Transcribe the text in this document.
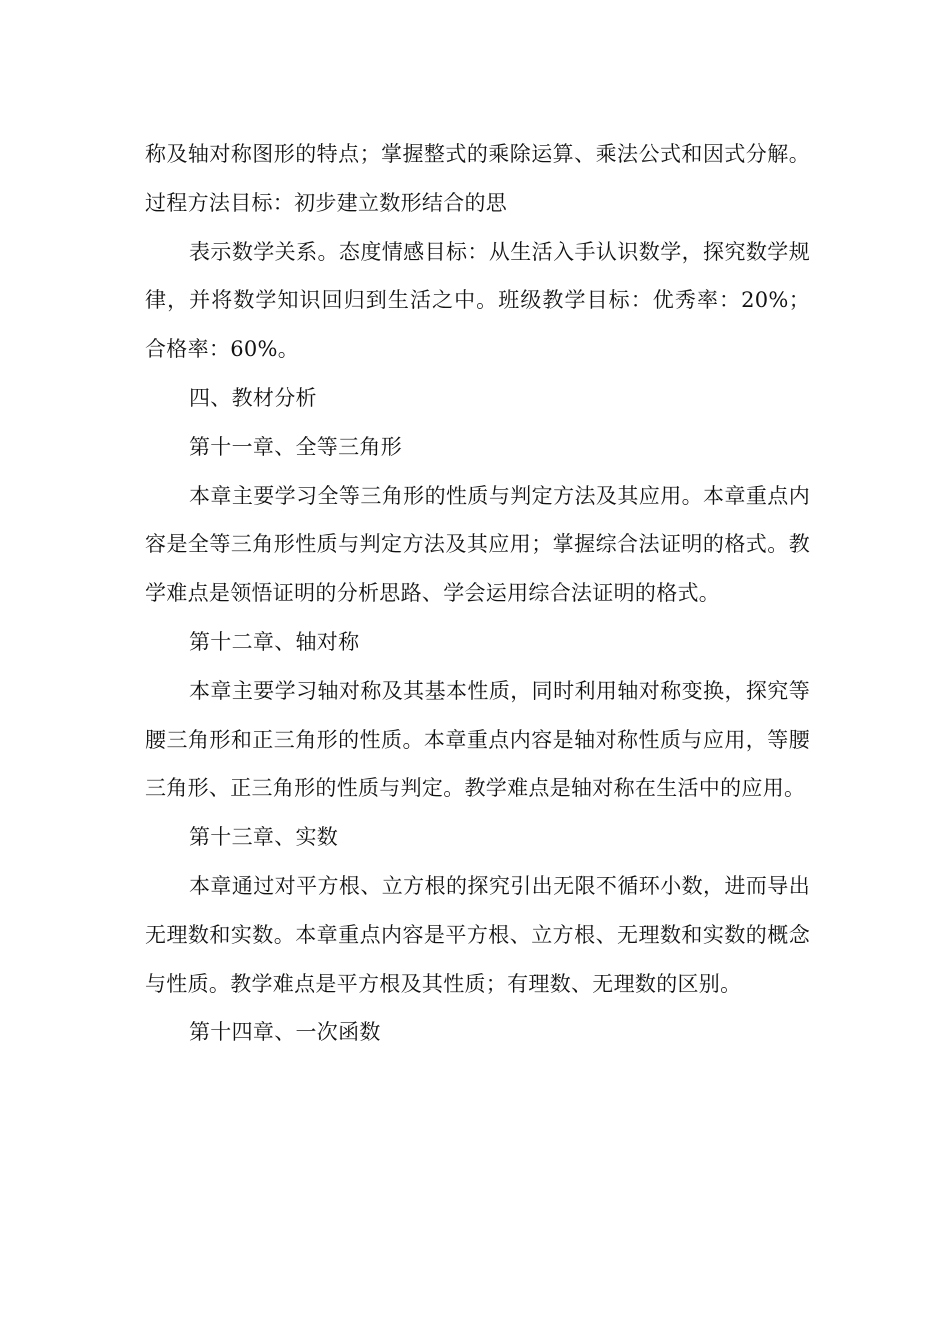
称及轴对称图形的特点；掌握整式的乘除运算、乘法公式和因式分解。过程方法目标：初步建立数形结合的思

表示数学关系。态度情感目标：从生活入手认识数学，探究数学规律，并将数学知识回归到生活之中。班级教学目标：优秀率：20%；合格率：60%。

四、教材分析

第十一章、全等三角形

本章主要学习全等三角形的性质与判定方法及其应用。本章重点内容是全等三角形性质与判定方法及其应用；掌握综合法证明的格式。教学难点是领悟证明的分析思路、学会运用综合法证明的格式。

第十二章、轴对称

本章主要学习轴对称及其基本性质，同时利用轴对称变换，探究等腰三角形和正三角形的性质。本章重点内容是轴对称性质与应用，等腰三角形、正三角形的性质与判定。教学难点是轴对称在生活中的应用。

第十三章、实数

本章通过对平方根、立方根的探究引出无限不循环小数，进而导出无理数和实数。本章重点内容是平方根、立方根、无理数和实数的概念与性质。教学难点是平方根及其性质；有理数、无理数的区别。

第十四章、一次函数
